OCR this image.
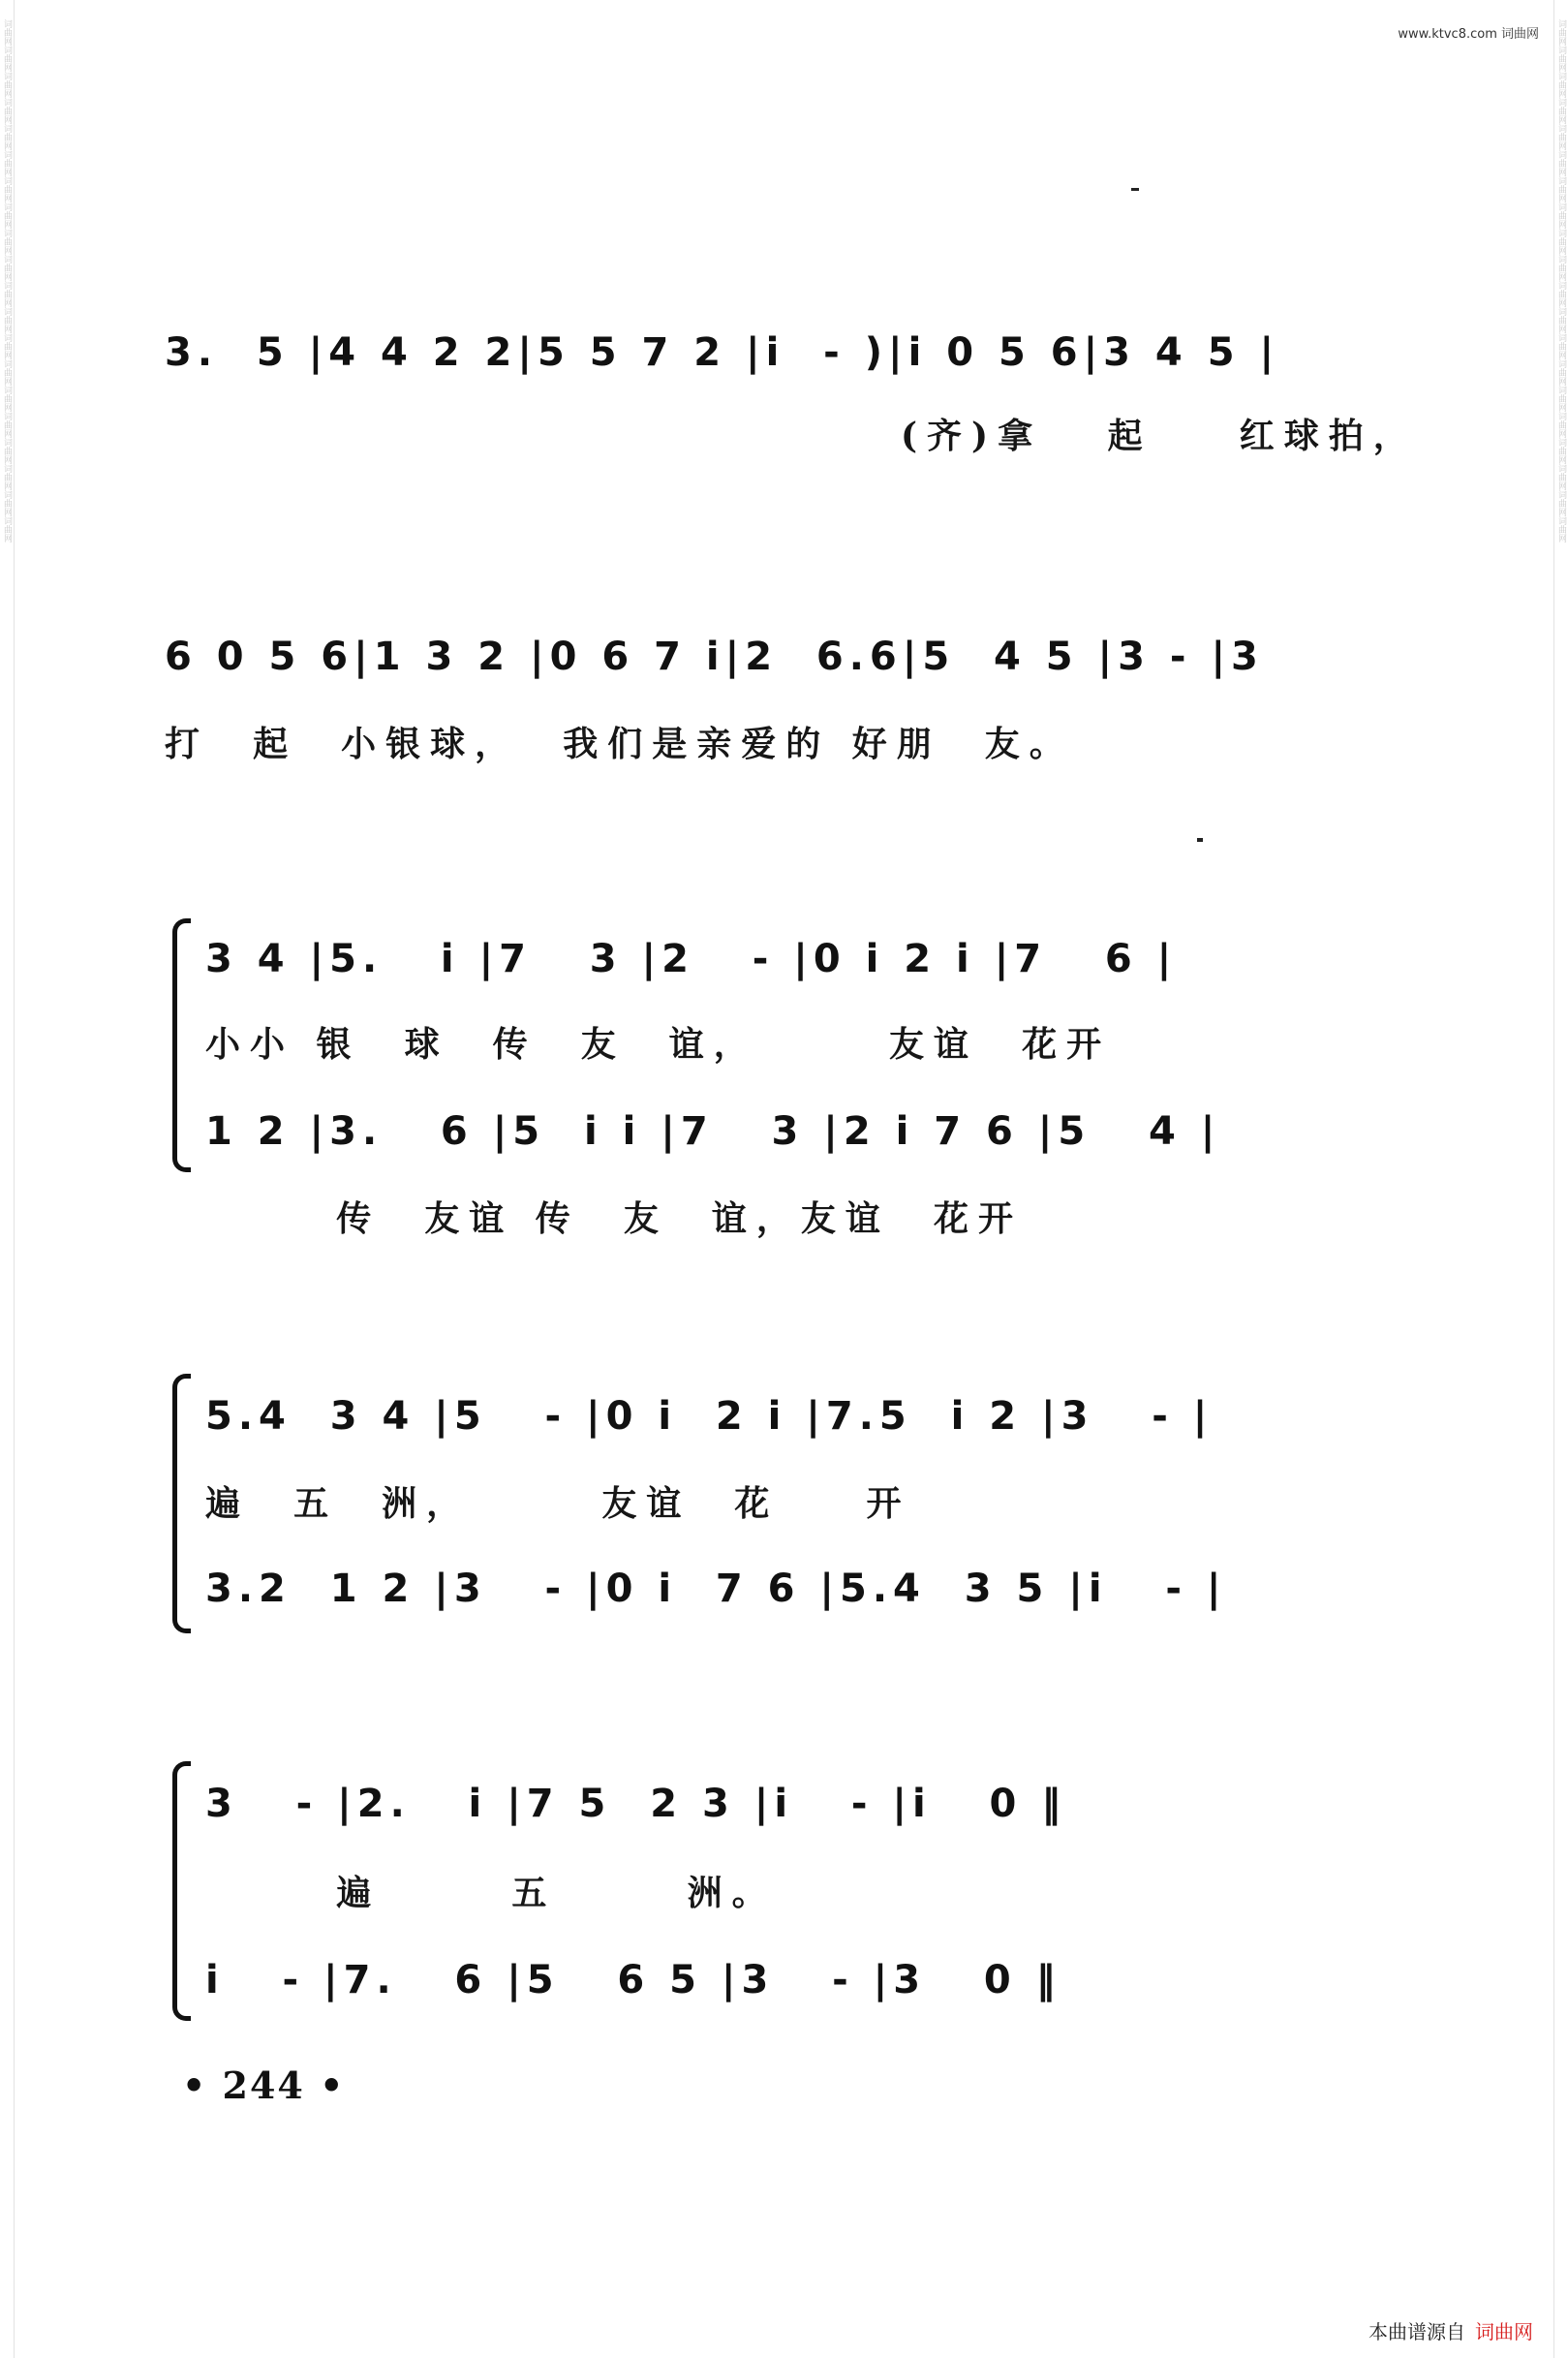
词曲网词曲网词曲网词曲网词曲网词曲网词曲网词曲网词曲网词曲网词曲网词曲网词曲网词曲网词曲网词曲网词曲网词曲网词曲网词曲网	词曲网词曲网词曲网词曲网词曲网词曲网词曲网词曲网词曲网词曲网词曲网词曲网词曲网词曲网词曲网词曲网词曲网词曲网词曲网词曲网
www.ktvc8.com 词曲网
3.  5 |4 4 2 2|5 5 7 2 |i  - )|i 0 5 6|3 4 5 |
(齐)拿   起    红球拍，
6 0 5 6|1 3 2 |0 6 7 i|2  6.6|5  4 5 |3 - |3
打  起  小银球，  我们是亲爱的 好朋  友。
3 4 |5.   i |7   3 |2   - |0 i 2 i |7   6 |
小小 银  球  传  友  谊，      友谊  花开
1 2 |3.   6 |5  i i |7   3 |2 i 7 6 |5   4 |
传  友谊 传  友  谊，友谊  花开
5.4  3 4 |5   - |0 i  2 i |7.5  i 2 |3   - |
遍  五  洲，      友谊  花    开
3.2  1 2 |3   - |0 i  7 6 |5.4  3 5 |i   - |
3   - |2.   i |7 5  2 3 |i   - |i   0 ‖
遍      五      洲。
i   - |7.   6 |5   6 5 |3   - |3   0 ‖
• 244 •
本曲谱源自 词曲网
